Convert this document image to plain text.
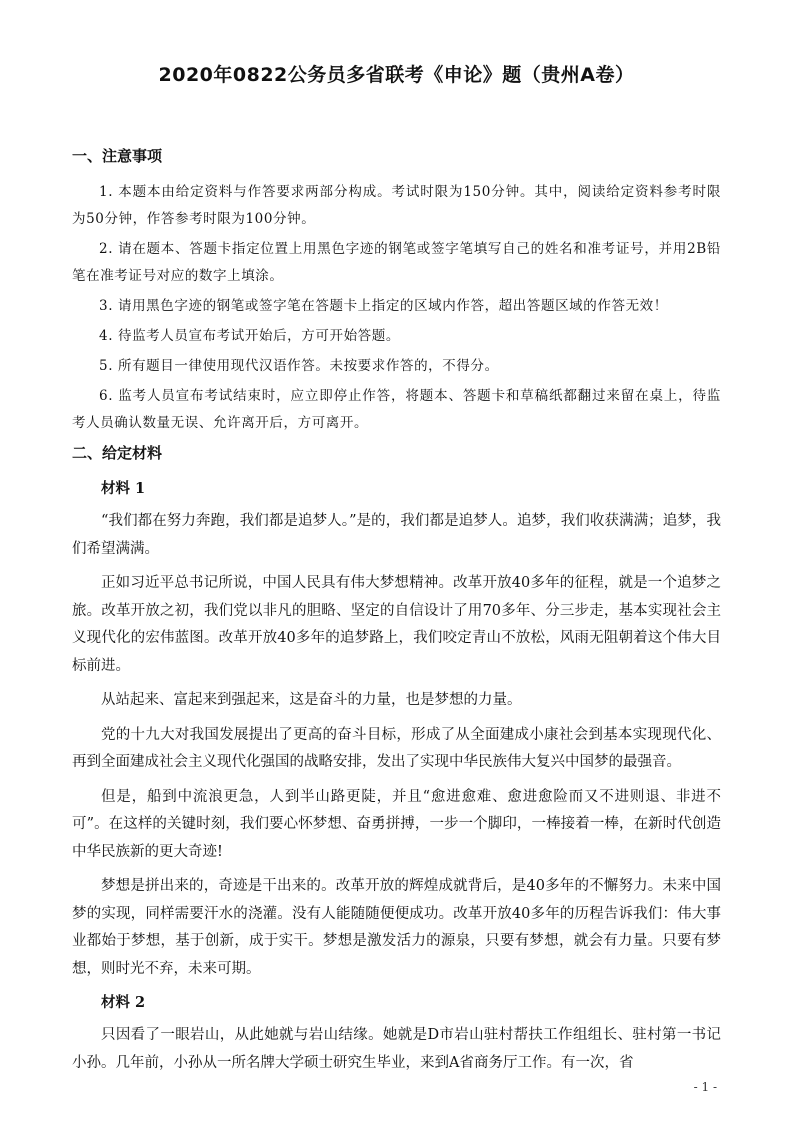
2020年0822公务员多省联考《申论》题（贵州A卷）
一、注意事项

1. 本题本由给定资料与作答要求两部分构成。考试时限为150分钟。其中，阅读给定资料参考时限为50分钟，作答参考时限为100分钟。

2. 请在题本、答题卡指定位置上用黑色字迹的钢笔或签字笔填写自己的姓名和准考证号，并用2B铅笔在准考证号对应的数字上填涂。

3. 请用黑色字迹的钢笔或签字笔在答题卡上指定的区域内作答，超出答题区域的作答无效！

4. 待监考人员宣布考试开始后，方可开始答题。

5. 所有题目一律使用现代汉语作答。未按要求作答的，不得分。

6. 监考人员宣布考试结束时，应立即停止作答，将题本、答题卡和草稿纸都翻过来留在桌上，待监考人员确认数量无误、允许离开后，方可离开。

二、给定材料
材料 1

“我们都在努力奔跑，我们都是追梦人。”是的，我们都是追梦人。追梦，我们收获满满；追梦，我们希望满满。

正如习近平总书记所说，中国人民具有伟大梦想精神。改革开放40多年的征程，就是一个追梦之旅。改革开放之初，我们党以非凡的胆略、坚定的自信设计了用70多年、分三步走，基本实现社会主义现代化的宏伟蓝图。改革开放40多年的追梦路上，我们咬定青山不放松，风雨无阻朝着这个伟大目标前进。

从站起来、富起来到强起来，这是奋斗的力量，也是梦想的力量。

党的十九大对我国发展提出了更高的奋斗目标，形成了从全面建成小康社会到基本实现现代化、再到全面建成社会主义现代化强国的战略安排，发出了实现中华民族伟大复兴中国梦的最强音。

但是，船到中流浪更急，人到半山路更陡，并且“愈进愈难、愈进愈险而又不进则退、非进不可”。在这样的关键时刻，我们要心怀梦想、奋勇拼搏，一步一个脚印，一棒接着一棒，在新时代创造中华民族新的更大奇迹!

梦想是拼出来的，奇迹是干出来的。改革开放的辉煌成就背后，是40多年的不懈努力。未来中国梦的实现，同样需要汗水的浇灌。没有人能随随便便成功。改革开放40多年的历程告诉我们：伟大事业都始于梦想，基于创新，成于实干。梦想是激发活力的源泉，只要有梦想，就会有力量。只要有梦想，则时光不弃，未来可期。

材料 2

只因看了一眼岩山，从此她就与岩山结缘。她就是D市岩山驻村帮扶工作组组长、驻村第一书记小孙。几年前，小孙从一所名牌大学硕士研究生毕业，来到A省商务厅工作。有一次，省

- 1 -
